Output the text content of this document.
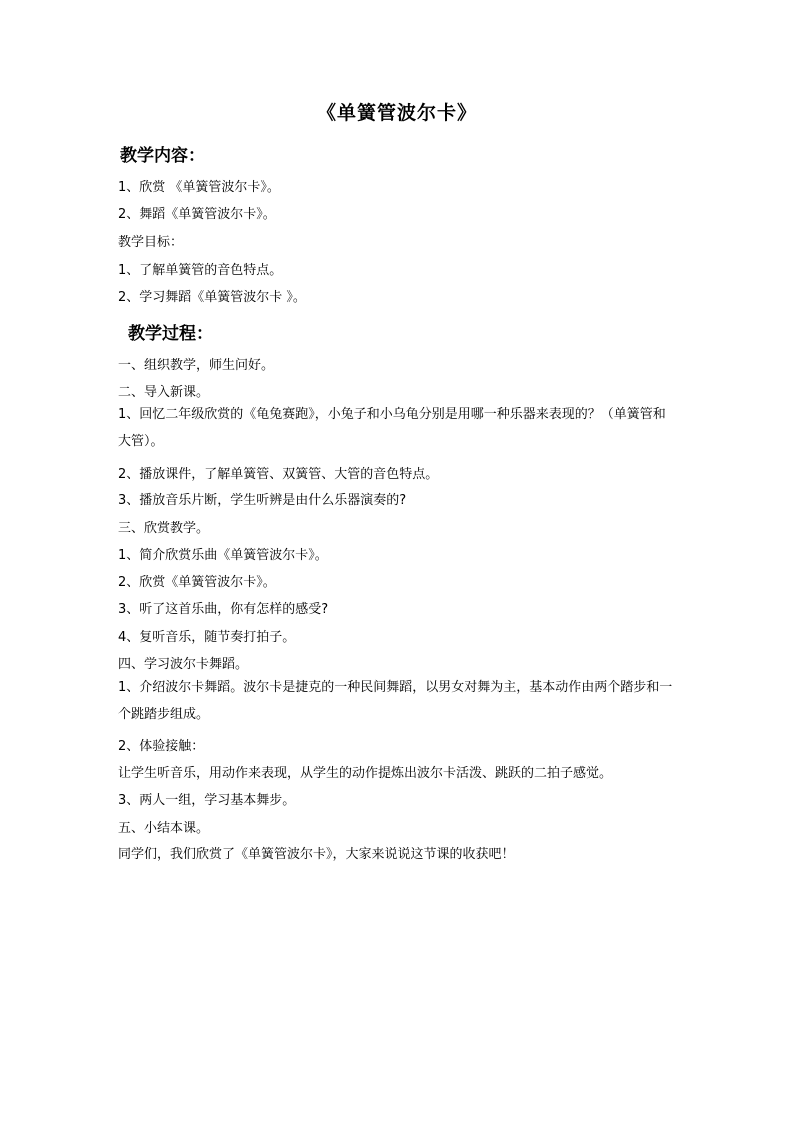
《单簧管波尔卡》
教学内容：
1、欣赏 《单簧管波尔卡》。
2、舞蹈《单簧管波尔卡》。
教学目标：
1、了解单簧管的音色特点。
2、学习舞蹈《单簧管波尔卡 》。
教学过程：
一、组织教学，师生问好。
二、导入新课。
1、回忆二年级欣赏的《龟兔赛跑》，小兔子和小乌龟分别是用哪一种乐器来表现的？（单簧管和大管）。
2、播放课件，了解单簧管、双簧管、大管的音色特点。
3、播放音乐片断，学生听辨是由什么乐器演奏的?
三、欣赏教学。
1、简介欣赏乐曲《单簧管波尔卡》。
2、欣赏《单簧管波尔卡》。
3、听了这首乐曲，你有怎样的感受?
4、复听音乐，随节奏打拍子。
四、学习波尔卡舞蹈。
1、介绍波尔卡舞蹈。波尔卡是捷克的一种民间舞蹈，以男女对舞为主，基本动作由两个踏步和一个跳踏步组成。
2、体验接触：
让学生听音乐，用动作来表现，从学生的动作提炼出波尔卡活泼、跳跃的二拍子感觉。
3、两人一组，学习基本舞步。
五、小结本课。
同学们，我们欣赏了《单簧管波尔卡》，大家来说说这节课的收获吧！
